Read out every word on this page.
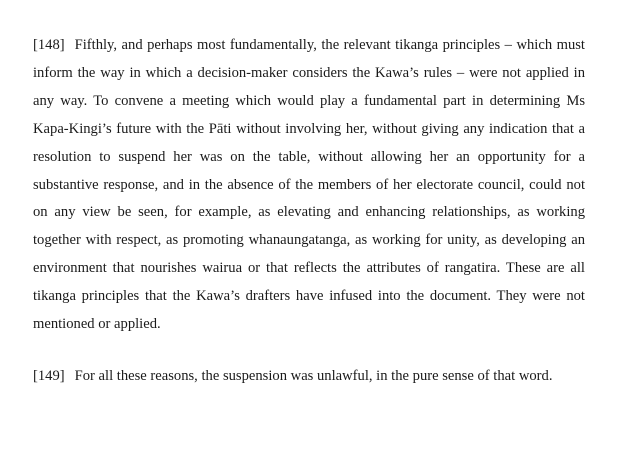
[148] Fifthly, and perhaps most fundamentally, the relevant tikanga principles – which must inform the way in which a decision-maker considers the Kawa’s rules – were not applied in any way. To convene a meeting which would play a fundamental part in determining Ms Kapa-Kingi’s future with the Pāti without involving her, without giving any indication that a resolution to suspend her was on the table, without allowing her an opportunity for a substantive response, and in the absence of the members of her electorate council, could not on any view be seen, for example, as elevating and enhancing relationships, as working together with respect, as promoting whanaungatanga, as working for unity, as developing an environment that nourishes wairua or that reflects the attributes of rangatira. These are all tikanga principles that the Kawa’s drafters have infused into the document. They were not mentioned or applied.

[149] For all these reasons, the suspension was unlawful, in the pure sense of that word.
